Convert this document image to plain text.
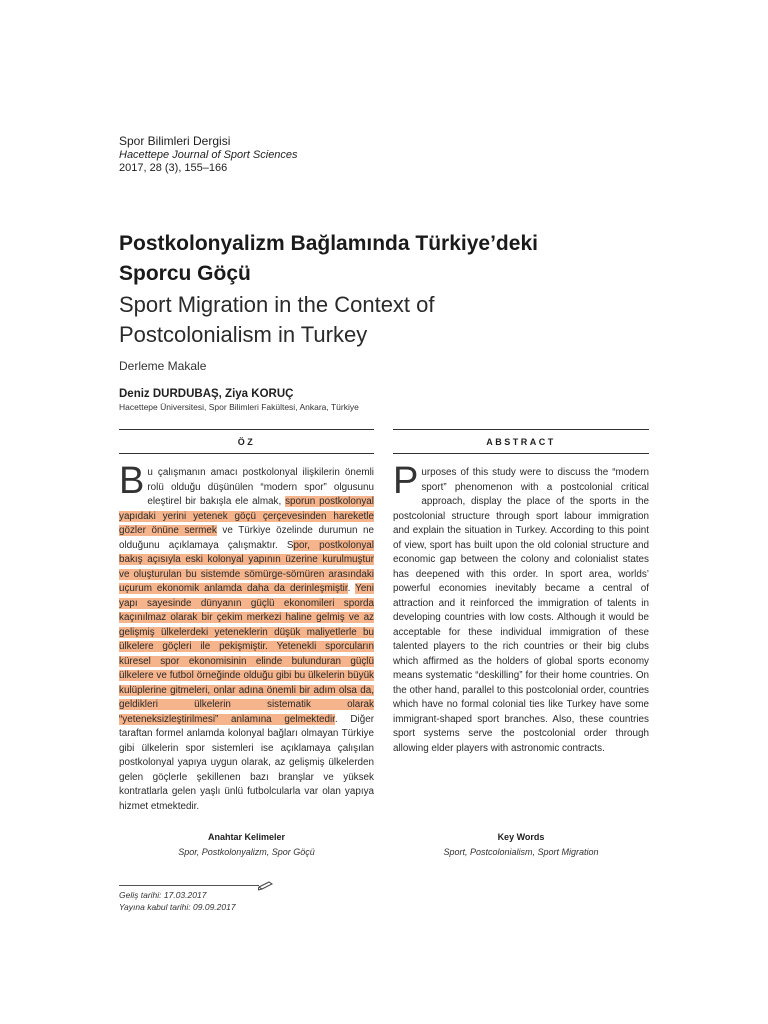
Spor Bilimleri Dergisi
Hacettepe Journal of Sport Sciences
2017, 28 (3), 155–166
Postkolonyalizm Bağlamında Türkiye’deki
Sporcu Göçü
Sport Migration in the Context of
Postcolonialism in Turkey
Derleme Makale
Deniz DURDUBAŞ, Ziya KORUÇ
Hacettepe Üniversitesi, Spor Bilimleri Fakültesi, Ankara, Türkiye
ÖZ	ABSTRACT
Bu çalışmanın amacı postkolonyal ilişkilerin önemli rolü olduğu düşünülen “modern spor” olgusunu eleştirel bir bakışla ele almak, sporun postkolonyal yapıdaki yerini yetenek göçü çerçevesinden hareketle gözler önüne sermek ve Türkiye özelinde durumun ne olduğunu açıklamaya çalışmaktır. Spor, postkolonyal bakış açısıyla eski kolonyal yapının üzerine kurulmuştur ve oluşturulan bu sistemde sömürge-sömüren arasındaki uçurum ekonomik anlamda daha da derinleşmiştir. Yeni yapı sayesinde dünyanın güçlü ekonomileri sporda kaçınılmaz olarak bir çekim merkezi haline gelmiş ve az gelişmiş ülkelerdeki yeteneklerin düşük maliyetlerle bu ülkelere göçleri ile pekişmiştir. Yetenekli sporcuların küresel spor ekonomisinin elinde bulunduran güçlü ülkelere ve futbol örneğinde olduğu gibi bu ülkelerin büyük kulüplerine gitmeleri, onlar adına önemli bir adım olsa da, geldikleri ülkelerin sistematik olarak “yeteneksizleştirilmesi” anlamına gelmektedir. Diğer taraftan formel anlamda kolonyal bağları olmayan Türkiye gibi ülkelerin spor sistemleri ise açıklamaya çalışılan postkolonyal yapıya uygun olarak, az gelişmiş ülkelerden gelen göçlerle şekillenen bazı branşlar ve yüksek kontratlarla gelen yaşlı ünlü futbolcularla var olan yapıya hizmet etmektedir.
Purposes of this study were to discuss the “modern sport” phenomenon with a postcolonial critical approach, display the place of the sports in the postcolonial structure through sport labour immigration and explain the situation in Turkey. According to this point of view, sport has built upon the old colonial structure and economic gap between the colony and colonialist states has deepened with this order. In sport area, worlds’ powerful economies inevitably became a central of attraction and it reinforced the immigration of talents in developing countries with low costs. Although it would be acceptable for these individual immigration of these talented players to the rich countries or their big clubs which affirmed as the holders of global sports economy means systematic “deskilling” for their home countries. On the other hand, parallel to this postcolonial order, countries which have no formal colonial ties like Turkey have some immigrant-shaped sport branches. Also, these countries sport systems serve the postcolonial order through allowing elder players with astronomic contracts.
Anahtar Kelimeler
Spor, Postkolonyalizm, Spor Göçü
Key Words
Sport, Postcolonialism, Sport Migration
Geliş tarihi: 17.03.2017
Yayına kabul tarihi: 09.09.2017
